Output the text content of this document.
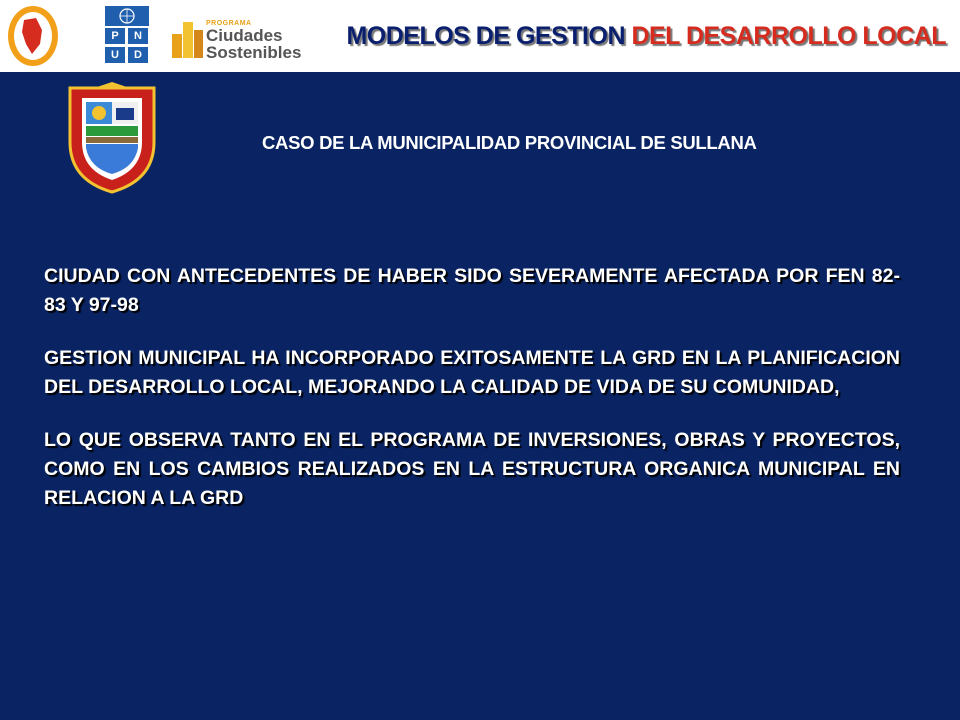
P	N
U	D
PROGRAMA
Ciudades
Sostenibles
MODELOS DE GESTION DEL DESARROLLO LOCAL
CASO DE LA MUNICIPALIDAD PROVINCIAL DE SULLANA

CIUDAD CON ANTECEDENTES DE HABER SIDO SEVERAMENTE AFECTADA POR FEN 82-83 Y 97-98

GESTION MUNICIPAL HA INCORPORADO EXITOSAMENTE LA GRD EN LA PLANIFICACION DEL DESARROLLO LOCAL, MEJORANDO LA CALIDAD DE VIDA DE SU COMUNIDAD,

LO QUE OBSERVA TANTO EN EL PROGRAMA DE INVERSIONES, OBRAS Y PROYECTOS, COMO EN LOS CAMBIOS REALIZADOS EN LA ESTRUCTURA ORGANICA MUNICIPAL EN RELACION A LA GRD
